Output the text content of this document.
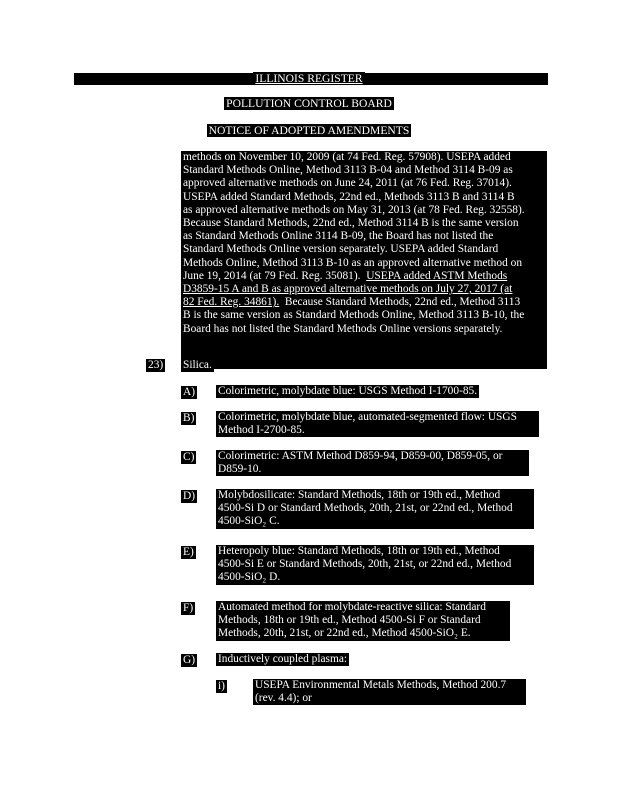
ILLINOIS REGISTER
POLLUTION CONTROL BOARD
NOTICE OF ADOPTED AMENDMENTS
methods on November 10, 2009 (at 74 Fed. Reg. 57908). USEPA added
Standard Methods Online, Method 3113 B-04 and Method 3114 B-09 as
approved alternative methods on June 24, 2011 (at 76 Fed. Reg. 37014).
USEPA added Standard Methods, 22nd ed., Methods 3113 B and 3114 B
as approved alternative methods on May 31, 2013 (at 78 Fed. Reg. 32558).
Because Standard Methods, 22nd ed., Method 3114 B is the same version
as Standard Methods Online 3114 B-09, the Board has not listed the
Standard Methods Online version separately. USEPA added Standard
Methods Online, Method 3113 B-10 as an approved alternative method on
June 19, 2014 (at 79 Fed. Reg. 35081). USEPA added ASTM Methods
D3859-15 A and B as approved alternative methods on July 27, 2017 (at
82 Fed. Reg. 34861). Because Standard Methods, 22nd ed., Method 3113
B is the same version as Standard Methods Online, Method 3113 B-10, the
Board has not listed the Standard Methods Online versions separately.
23) Silica.
A) Colorimetric, molybdate blue: USGS Method I-1700-85.
B) Colorimetric, molybdate blue, automated-segmented flow: USGS
Method I-2700-85.
C) Colorimetric: ASTM Method D859-94, D859-00, D859-05, or
D859-10.
D) Molybdosilicate: Standard Methods, 18th or 19th ed., Method
4500-Si D or Standard Methods, 20th, 21st, or 22nd ed., Method
4500-SiO₂ C.
E) Heteropoly blue: Standard Methods, 18th or 19th ed., Method
4500-Si E or Standard Methods, 20th, 21st, or 22nd ed., Method
4500-SiO₂ D.
F) Automated method for molybdate-reactive silica: Standard
Methods, 18th or 19th ed., Method 4500-Si F or Standard
Methods, 20th, 21st, or 22nd ed., Method 4500-SiO₂ E.
G) Inductively coupled plasma:
i)	USEPA Environmental Metals Methods, Method 200.7
(rev. 4.4); or
